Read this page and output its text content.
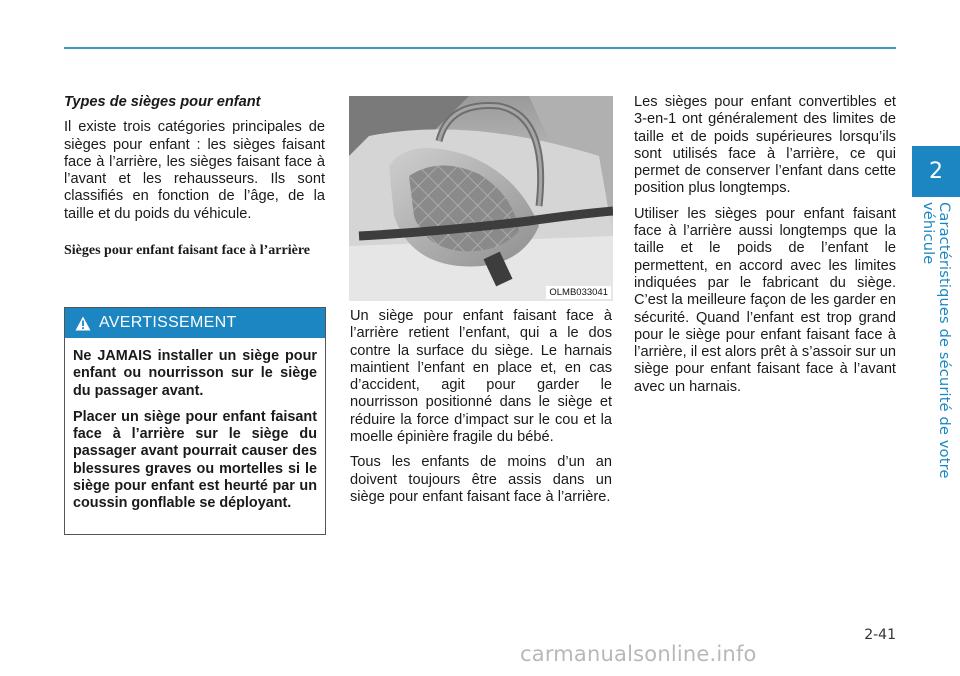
2
Caractéristiques de sécurité de votre véhicule
Types de sièges pour enfant

Il existe trois catégories principales de sièges pour enfant : les sièges faisant face à l’arrière, les sièges faisant face à l’avant et les rehausseurs. Ils sont classifiés en fonction de l’âge, de la taille et du poids du véhicule.

Sièges pour enfant faisant face à l’arrière
AVERTISSEMENT

Ne JAMAIS installer un siège pour enfant ou nourrisson sur le siège du passager avant.

Placer un siège pour enfant faisant face à l’arrière sur le siège du passager avant pourrait causer des blessures graves ou mortelles si le siège pour enfant est heurté par un coussin gonflable se déployant.

OLMB033041

Un siège pour enfant faisant face à l’arrière retient l’enfant, qui a le dos contre la surface du siège. Le harnais maintient l’enfant en place et, en cas d’accident, agit pour garder le nourrisson positionné dans le siège et réduire la force d’impact sur le cou et la moelle épinière fragile du bébé.

Tous les enfants de moins d’un an doivent toujours être assis dans un siège pour enfant faisant face à l’arrière.

Les sièges pour enfant convertibles et 3-en-1 ont généralement des limites de taille et de poids supérieures lorsqu’ils sont utilisés face à l’arrière, ce qui permet de conserver l’enfant dans cette position plus longtemps.

Utiliser les sièges pour enfant faisant face à l’arrière aussi longtemps que la taille et le poids de l’enfant le permettent, en accord avec les limites indiquées par le fabricant du siège. C’est la meilleure façon de les garder en sécurité. Quand l’enfant est trop grand pour le siège pour enfant faisant face à l’arrière, il est alors prêt à s’assoir sur un siège pour enfant faisant face à l’avant avec un harnais.

2-41
carmanualsonline.info
